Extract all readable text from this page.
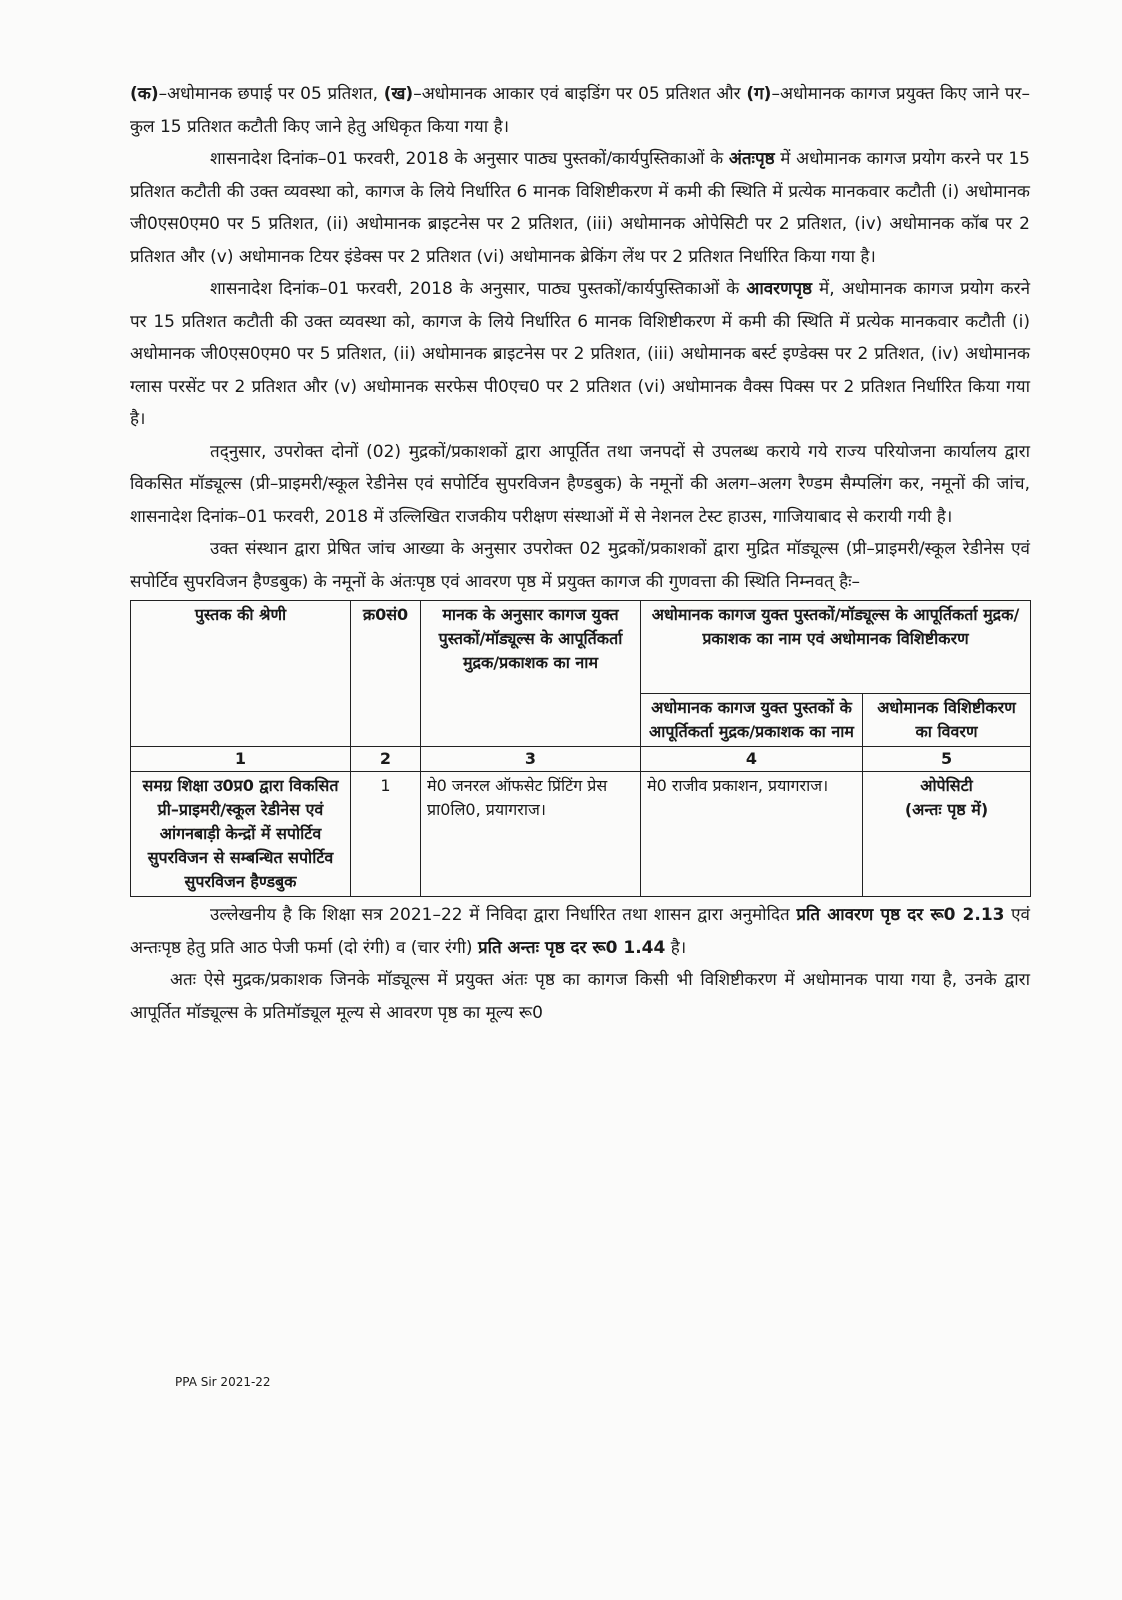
(क)–अधोमानक छपाई पर 05 प्रतिशत, (ख)–अधोमानक आकार एवं बाइडिंग पर 05 प्रतिशत और (ग)–अधोमानक कागज प्रयुक्त किए जाने पर–कुल 15 प्रतिशत कटौती किए जाने हेतु अधिकृत किया गया है।

शासनादेश दिनांक–01 फरवरी, 2018 के अनुसार पाठ्य पुस्तकों/कार्यपुस्तिकाओं के अंतःपृष्ठ में अधोमानक कागज प्रयोग करने पर 15 प्रतिशत कटौती की उक्त व्यवस्था को, कागज के लिये निर्धारित 6 मानक विशिष्टीकरण में कमी की स्थिति में प्रत्येक मानकवार कटौती (i) अधोमानक जी0एस0एम0 पर 5 प्रतिशत, (ii) अधोमानक ब्राइटनेस पर 2 प्रतिशत, (iii) अधोमानक ओपेसिटी पर 2 प्रतिशत, (iv) अधोमानक कॉब पर 2 प्रतिशत और (v) अधोमानक टियर इंडेक्स पर 2 प्रतिशत (vi) अधोमानक ब्रेकिंग लेंथ पर 2 प्रतिशत निर्धारित किया गया है।

शासनादेश दिनांक–01 फरवरी, 2018 के अनुसार, पाठ्य पुस्तकों/कार्यपुस्तिकाओं के आवरणपृष्ठ में, अधोमानक कागज प्रयोग करने पर 15 प्रतिशत कटौती की उक्त व्यवस्था को, कागज के लिये निर्धारित 6 मानक विशिष्टीकरण में कमी की स्थिति में प्रत्येक मानकवार कटौती (i) अधोमानक जी0एस0एम0 पर 5 प्रतिशत, (ii) अधोमानक ब्राइटनेस पर 2 प्रतिशत, (iii) अधोमानक बर्स्ट इण्डेक्स पर 2 प्रतिशत, (iv) अधोमानक ग्लास परसेंट पर 2 प्रतिशत और (v) अधोमानक सरफेस पी0एच0 पर 2 प्रतिशत (vi) अधोमानक वैक्स पिक्स पर 2 प्रतिशत निर्धारित किया गया है।

तद्नुसार, उपरोक्त दोनों (02) मुद्रकों/प्रकाशकों द्वारा आपूर्तित तथा जनपदों से उपलब्ध कराये गये राज्य परियोजना कार्यालय द्वारा विकसित मॉड्यूल्स (प्री–प्राइमरी/स्कूल रेडीनेस एवं सपोर्टिव सुपरविजन हैण्डबुक) के नमूनों की अलग–अलग रैण्डम सैम्पलिंग कर, नमूनों की जांच, शासनादेश दिनांक–01 फरवरी, 2018 में उल्लिखित राजकीय परीक्षण संस्थाओं में से नेशनल टेस्ट हाउस, गाजियाबाद से करायी गयी है।

उक्त संस्थान द्वारा प्रेषित जांच आख्या के अनुसार उपरोक्त 02 मुद्रकों/प्रकाशकों द्वारा मुद्रित मॉड्यूल्स (प्री–प्राइमरी/स्कूल रेडीनेस एवं सपोर्टिव सुपरविजन हैण्डबुक) के नमूनों के अंतःपृष्ठ एवं आवरण पृष्ठ में प्रयुक्त कागज की गुणवत्ता की स्थिति निम्नवत् हैः–

पुस्तक की श्रेणी	क्र0सं0	मानक के अनुसार कागज युक्त पुस्तकों/मॉड्यूल्स के आपूर्तिकर्ता मुद्रक/प्रकाशक का नाम	अधोमानक कागज युक्त पुस्तकों/मॉड्यूल्स के आपूर्तिकर्ता मुद्रक/प्रकाशक का नाम एवं अधोमानक विशिष्टीकरण	
			अधोमानक कागज युक्त पुस्तकों के आपूर्तिकर्ता मुद्रक/प्रकाशक का नाम	अधोमानक विशिष्टीकरण का विवरण
1	2	3	4	5
समग्र शिक्षा उ0प्र0 द्वारा विकसित प्री–प्राइमरी/स्कूल रेडीनेस एवं आंगनबाड़ी केन्द्रों में सपोर्टिव सुपरविजन से सम्बन्धित सपोर्टिव सुपरविजन हैण्डबुक	1	मे0 जनरल ऑफसेट प्रिंटिंग प्रेस प्रा0लि0, प्रयागराज।	मे0 राजीव प्रकाशन, प्रयागराज।	ओपेसिटी
(अन्तः पृष्ठ में)

उल्लेखनीय है कि शिक्षा सत्र 2021–22 में निविदा द्वारा निर्धारित तथा शासन द्वारा अनुमोदित प्रति आवरण पृष्ठ दर रू0 2.13 एवं अन्तःपृष्ठ हेतु प्रति आठ पेजी फर्मा (दो रंगी) व (चार रंगी) प्रति अन्तः पृष्ठ दर रू0 1.44 है।

अतः ऐसे मुद्रक/प्रकाशक जिनके मॉड्यूल्स में प्रयुक्त अंतः पृष्ठ का कागज किसी भी विशिष्टीकरण में अधोमानक पाया गया है, उनके द्वारा आपूर्तित मॉड्यूल्स के प्रतिमॉड्यूल मूल्य से आवरण पृष्ठ का मूल्य रू0

PPA Sir 2021-22
